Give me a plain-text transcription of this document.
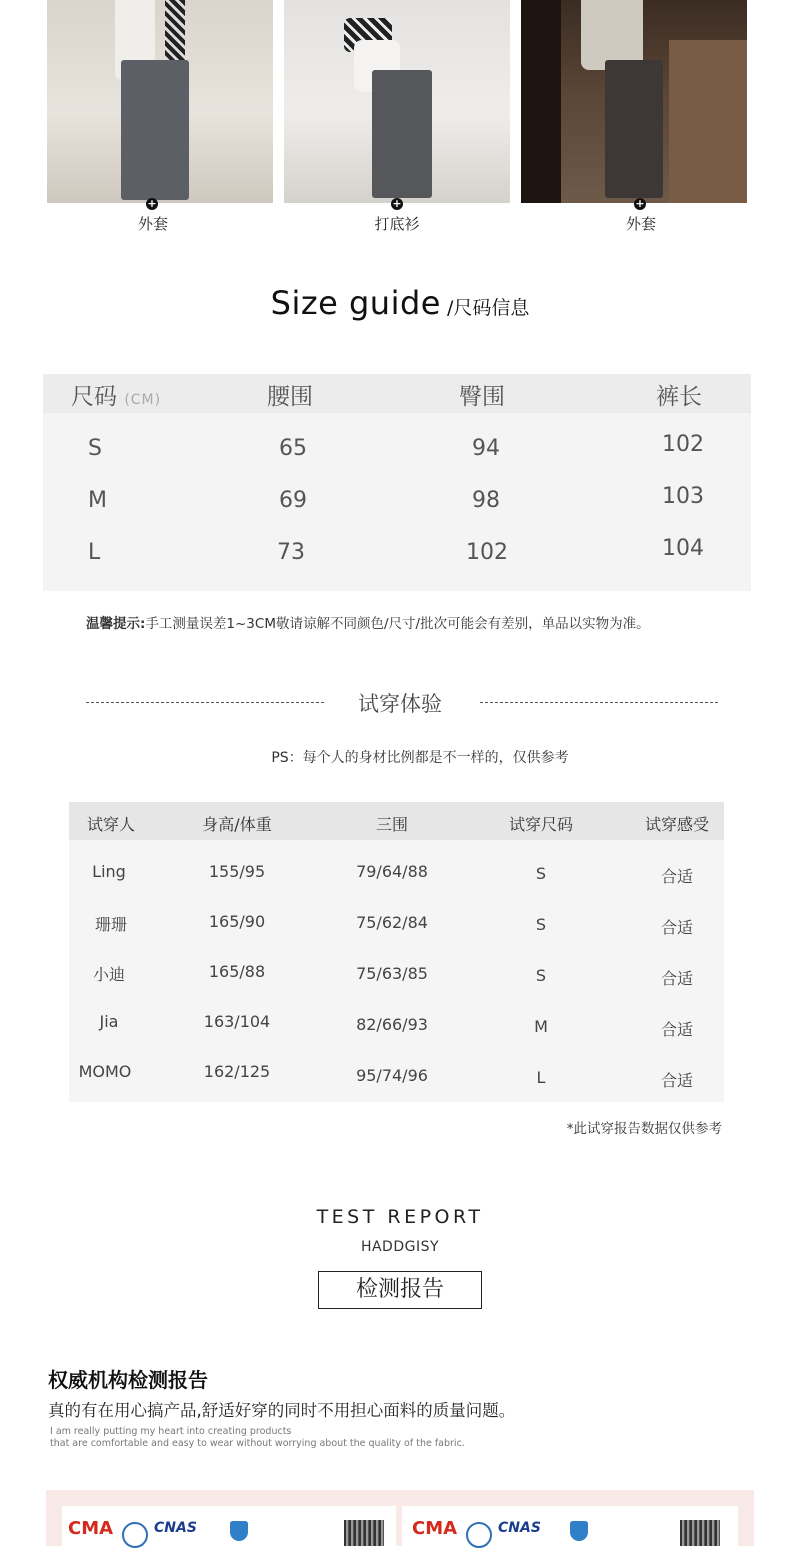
+
外套
+
打底衫
+
外套
Size guide /尺码信息
尺码 (CM)	腰围	臀围	裤长
S	65	94	102
M	69	98	103
L	73	102	104
温馨提示:手工测量误差1~3CM敬请谅解不同颜色/尺寸/批次可能会有差别，单品以实物为准。
试穿体验
PS：每个人的身材比例都是不一样的，仅供参考
试穿人	身高/体重	三围	试穿尺码	试穿感受
Ling	155/95	79/64/88	S	合适
珊珊	165/90	75/62/84	S	合适
小迪	165/88	75/63/85	S	合适
Jia	163/104	82/66/93	M	合适
MOMO	162/125	95/74/96	L	合适
*此试穿报告数据仅供参考
TEST REPORT
HADDGISY
检测报告
权威机构检测报告
真的有在用心搞产品,舒适好穿的同时不用担心面料的质量问题。
I am really putting my heart into creating products
that are comfortable and easy to wear without worrying about the quality of the fabric.
CMA	CNAS	CMA	CNAS
